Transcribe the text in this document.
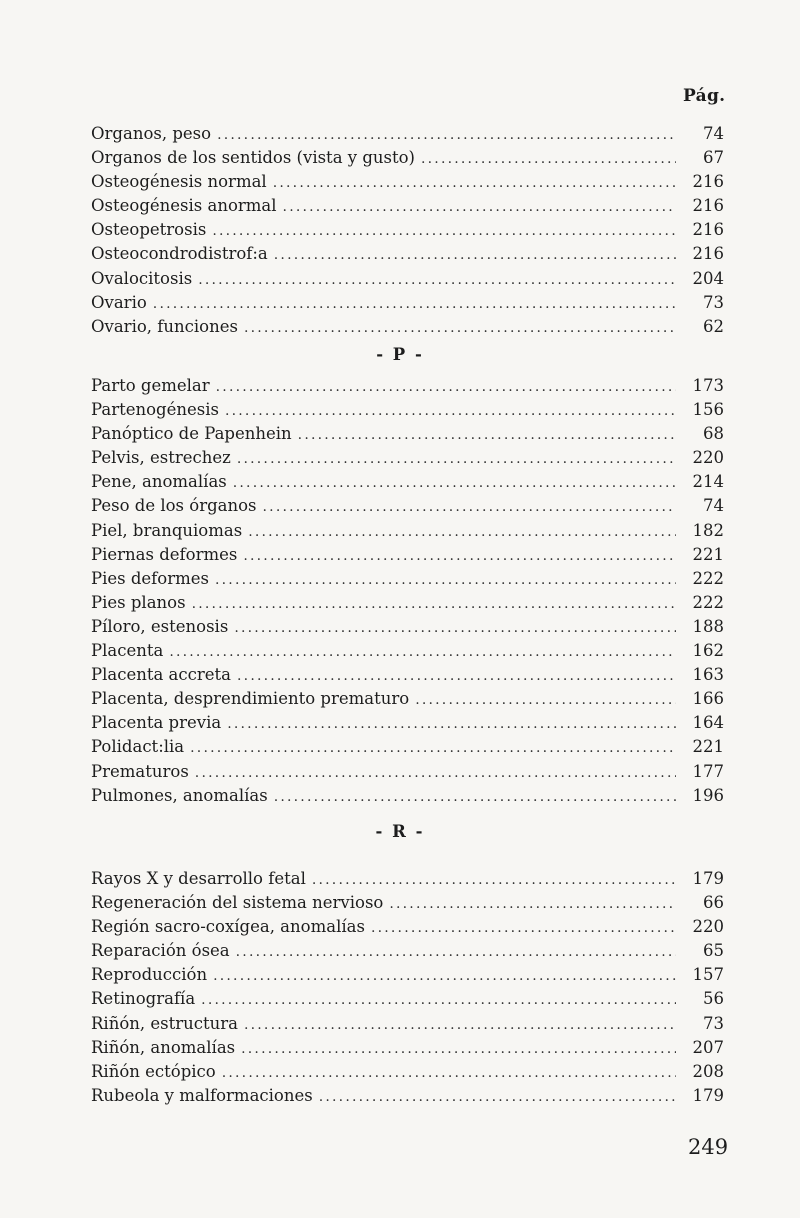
Pág.
Organos, peso .....	74
Organos de los sentidos (vista y gusto) .....	67
Osteogénesis normal .....	216
Osteogénesis anormal .....	216
Osteopetrosis .....	216
Osteocondrodistrof:a .....	216
Ovalocitosis .....	204
Ovario .....	73
Ovario, funciones .....	62
- P -
Parto gemelar .....	173
Partenogénesis .....	156
Panóptico de Papenhein .....	68
Pelvis, estrechez .....	220
Pene, anomalías .....	214
Peso de los órganos .....	74
Piel, branquiomas .....	182
Piernas deformes .....	221
Pies deformes .....	222
Pies planos .....	222
Píloro, estenosis .....	188
Placenta .....	162
Placenta accreta .....	163
Placenta, desprendimiento prematuro .....	166
Placenta previa .....	164
Polidact:lia .....	221
Prematuros .....	177
Pulmones, anomalías .....	196
- R -
Rayos X y desarrollo fetal .....	179
Regeneración del sistema nervioso .....	66
Región sacro-coxígea, anomalías .....	220
Reparación ósea .....	65
Reproducción .....	157
Retinografía .....	56
Riñón, estructura .....	73
Riñón, anomalías .....	207
Riñón ectópico .....	208
Rubeola y malformaciones .....	179
249
